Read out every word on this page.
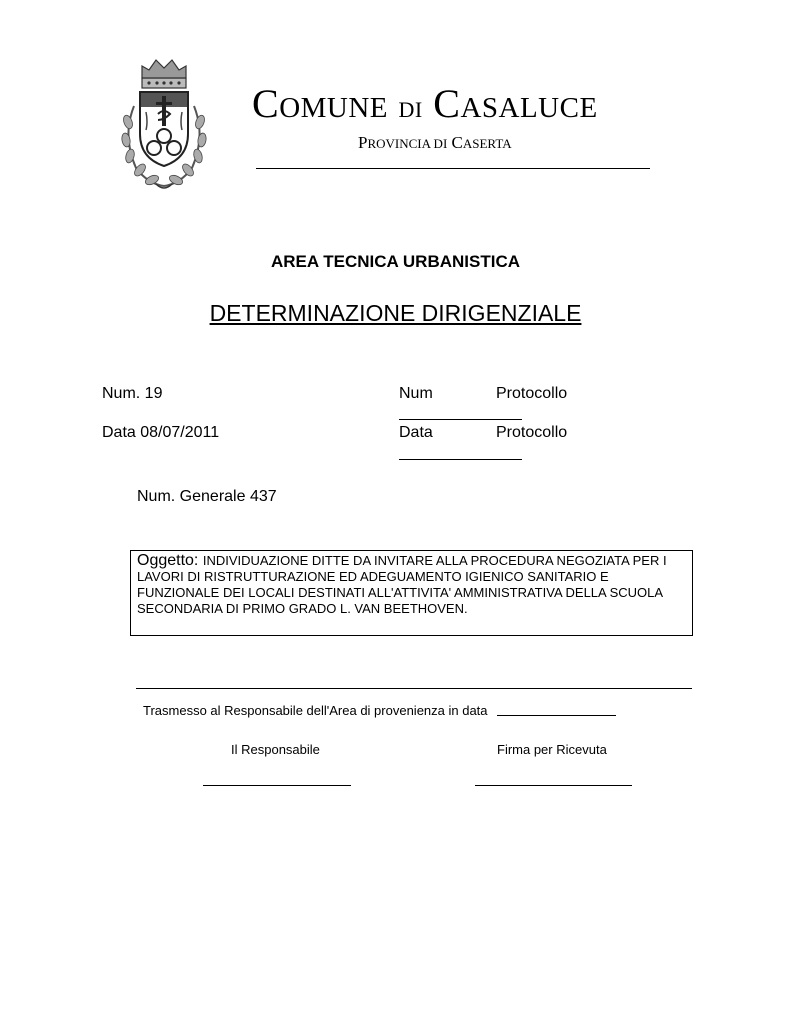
COMUNE DI CASALUCE
PROVINCIA DI CASERTA
AREA TECNICA URBANISTICA
DETERMINAZIONE DIRIGENZIALE
Num. 19	Num	Protocollo
Data 08/07/2011	Data	Protocollo
Num. Generale 437
Oggetto: INDIVIDUAZIONE DITTE DA INVITARE ALLA PROCEDURA NEGOZIATA PER I LAVORI DI RISTRUTTURAZIONE ED ADEGUAMENTO IGIENICO SANITARIO E FUNZIONALE DEI LOCALI DESTINATI ALL'ATTIVITA' AMMINISTRATIVA DELLA SCUOLA SECONDARIA DI PRIMO GRADO L. VAN BEETHOVEN.
Trasmesso al Responsabile dell'Area di provenienza in data
Il Responsabile	Firma per Ricevuta
